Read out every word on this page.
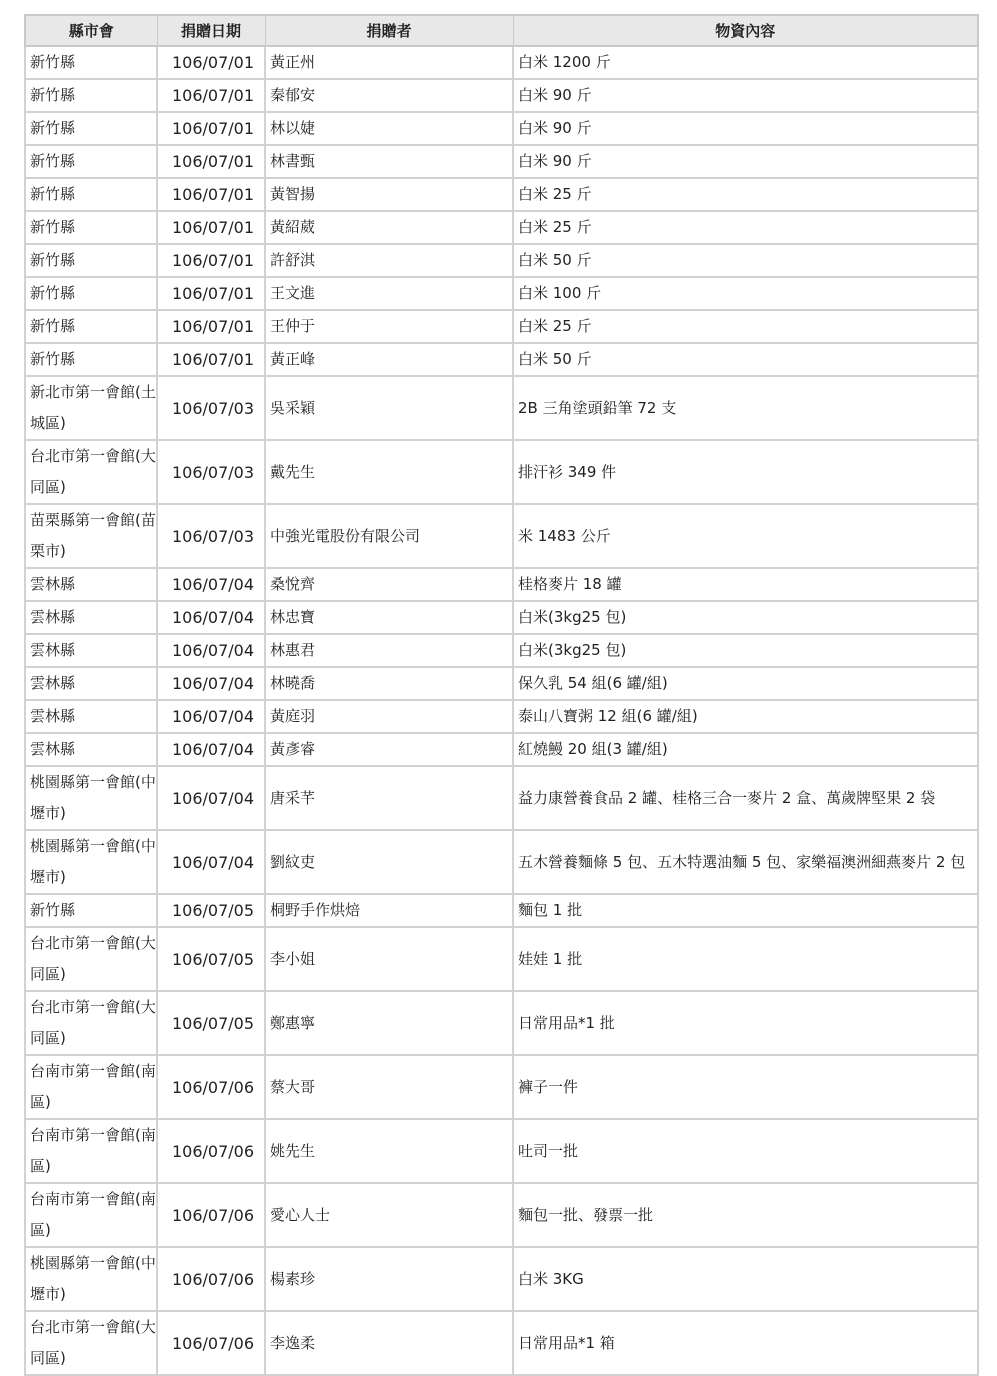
縣市會	捐贈日期	捐贈者	物資內容
新竹縣	106/07/01	黃正州	白米 1200 斤
新竹縣	106/07/01	秦郁安	白米 90 斤
新竹縣	106/07/01	林以婕	白米 90 斤
新竹縣	106/07/01	林書甄	白米 90 斤
新竹縣	106/07/01	黃智揚	白米 25 斤
新竹縣	106/07/01	黃紹葳	白米 25 斤
新竹縣	106/07/01	許舒淇	白米 50 斤
新竹縣	106/07/01	王文進	白米 100 斤
新竹縣	106/07/01	王仲于	白米 25 斤
新竹縣	106/07/01	黃正峰	白米 50 斤
新北市第一會館(土城區)	106/07/03	吳采穎	2B 三角塗頭鉛筆 72 支
台北市第一會館(大同區)	106/07/03	戴先生	排汗衫 349 件
苗栗縣第一會館(苗栗市)	106/07/03	中強光電股份有限公司	米 1483 公斤
雲林縣	106/07/04	桑悅齊	桂格麥片 18 罐
雲林縣	106/07/04	林忠寶	白米(3kg25 包)
雲林縣	106/07/04	林惠君	白米(3kg25 包)
雲林縣	106/07/04	林曉喬	保久乳 54 組(6 罐/組)
雲林縣	106/07/04	黃庭羽	泰山八寶粥 12 組(6 罐/組)
雲林縣	106/07/04	黃彥睿	紅燒鰻 20 組(3 罐/組)
桃園縣第一會館(中壢市)	106/07/04	唐采芊	益力康營養食品 2 罐、桂格三合一麥片 2 盒、萬歲牌堅果 2 袋
桃園縣第一會館(中壢市)	106/07/04	劉紋吏	五木營養麵條 5 包、五木特選油麵 5 包、家樂福澳洲細燕麥片 2 包
新竹縣	106/07/05	桐野手作烘焙	麵包 1 批
台北市第一會館(大同區)	106/07/05	李小姐	娃娃 1 批
台北市第一會館(大同區)	106/07/05	鄭惠寧	日常用品*1 批
台南市第一會館(南區)	106/07/06	蔡大哥	褲子一件
台南市第一會館(南區)	106/07/06	姚先生	吐司一批
台南市第一會館(南區)	106/07/06	愛心人士	麵包一批、發票一批
桃園縣第一會館(中壢市)	106/07/06	楊素珍	白米 3KG
台北市第一會館(大同區)	106/07/06	李逸柔	日常用品*1 箱
